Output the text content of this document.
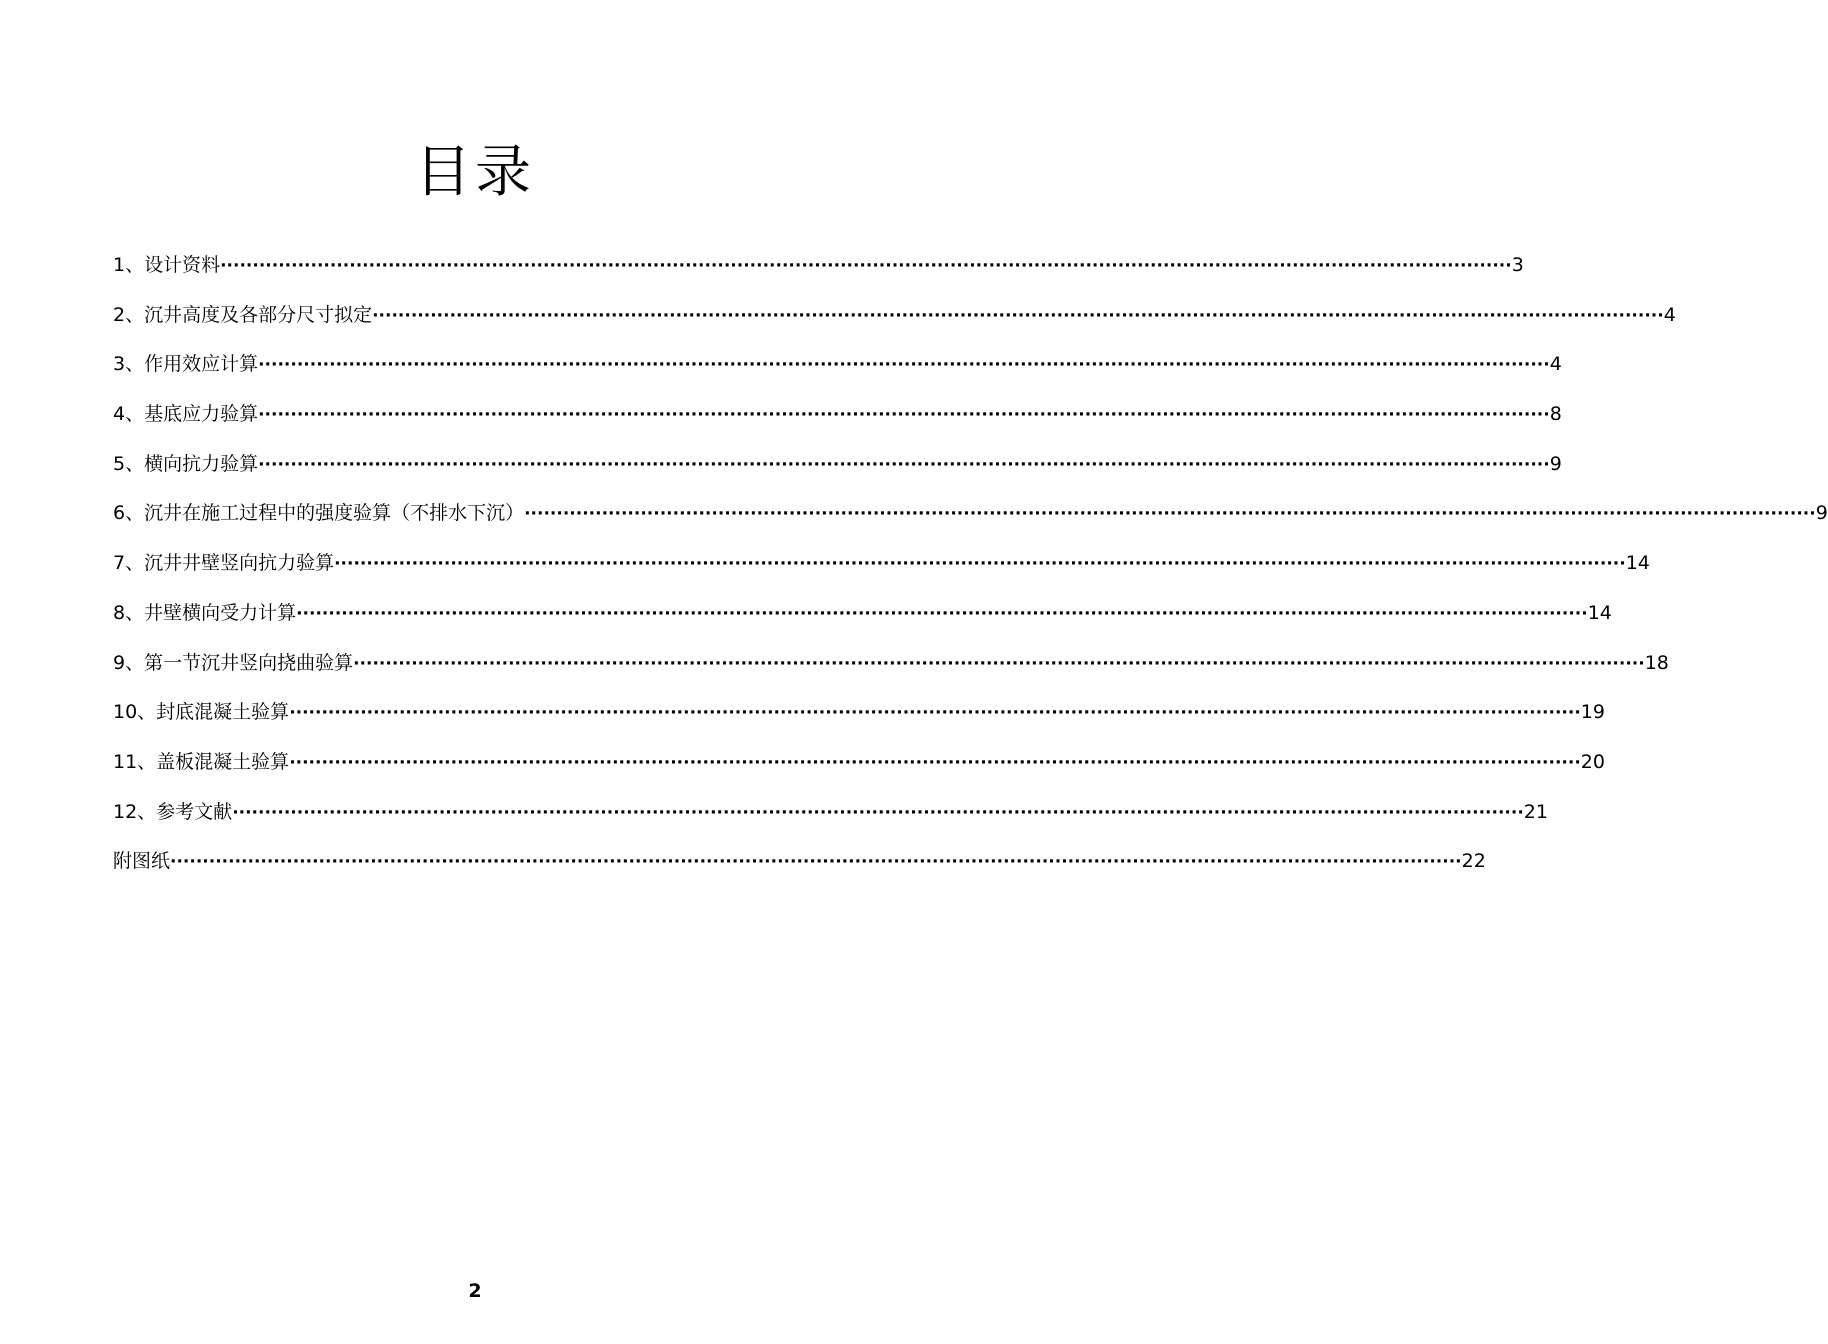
目录
1、设计资料 ········································································································································································································ 3
2、沉井高度及各部分尺寸拟定 ········································································································································································································ 4
3、作用效应计算 ········································································································································································································ 4
4、基底应力验算 ········································································································································································································ 8
5、横向抗力验算 ········································································································································································································ 9
6、沉井在施工过程中的强度验算（不排水下沉） ········································································································································································································ 9
7、沉井井壁竖向抗力验算 ········································································································································································································ 14
8、井壁横向受力计算 ········································································································································································································ 14
9、第一节沉井竖向挠曲验算 ········································································································································································································ 18
10、封底混凝土验算 ········································································································································································································ 19
11、盖板混凝土验算 ········································································································································································································ 20
12、参考文献 ········································································································································································································ 21
附图纸 ········································································································································································································ 22
2
